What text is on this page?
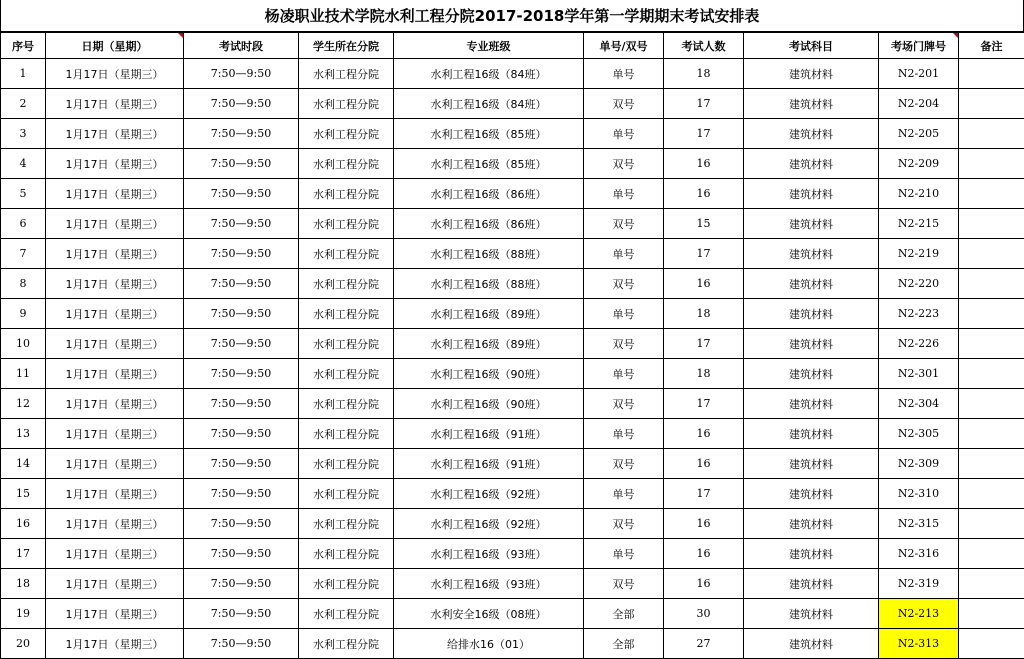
杨凌职业技术学院水利工程分院2017-2018学年第一学期期末考试安排表
序号	日期（星期）	考试时段	学生所在分院	专业班级	单号/双号	考试人数	考试科目	考场门牌号	备注
1	1月17日（星期三）	7:50—9:50	水利工程分院	水利工程16级（84班）	单号	18	建筑材料	N2-201	
2	1月17日（星期三）	7:50—9:50	水利工程分院	水利工程16级（84班）	双号	17	建筑材料	N2-204	
3	1月17日（星期三）	7:50—9:50	水利工程分院	水利工程16级（85班）	单号	17	建筑材料	N2-205	
4	1月17日（星期三）	7:50—9:50	水利工程分院	水利工程16级（85班）	双号	16	建筑材料	N2-209	
5	1月17日（星期三）	7:50—9:50	水利工程分院	水利工程16级（86班）	单号	16	建筑材料	N2-210	
6	1月17日（星期三）	7:50—9:50	水利工程分院	水利工程16级（86班）	双号	15	建筑材料	N2-215	
7	1月17日（星期三）	7:50—9:50	水利工程分院	水利工程16级（88班）	单号	17	建筑材料	N2-219	
8	1月17日（星期三）	7:50—9:50	水利工程分院	水利工程16级（88班）	双号	16	建筑材料	N2-220	
9	1月17日（星期三）	7:50—9:50	水利工程分院	水利工程16级（89班）	单号	18	建筑材料	N2-223	
10	1月17日（星期三）	7:50—9:50	水利工程分院	水利工程16级（89班）	双号	17	建筑材料	N2-226	
11	1月17日（星期三）	7:50—9:50	水利工程分院	水利工程16级（90班）	单号	18	建筑材料	N2-301	
12	1月17日（星期三）	7:50—9:50	水利工程分院	水利工程16级（90班）	双号	17	建筑材料	N2-304	
13	1月17日（星期三）	7:50—9:50	水利工程分院	水利工程16级（91班）	单号	16	建筑材料	N2-305	
14	1月17日（星期三）	7:50—9:50	水利工程分院	水利工程16级（91班）	双号	16	建筑材料	N2-309	
15	1月17日（星期三）	7:50—9:50	水利工程分院	水利工程16级（92班）	单号	17	建筑材料	N2-310	
16	1月17日（星期三）	7:50—9:50	水利工程分院	水利工程16级（92班）	双号	16	建筑材料	N2-315	
17	1月17日（星期三）	7:50—9:50	水利工程分院	水利工程16级（93班）	单号	16	建筑材料	N2-316	
18	1月17日（星期三）	7:50—9:50	水利工程分院	水利工程16级（93班）	双号	16	建筑材料	N2-319	
19	1月17日（星期三）	7:50—9:50	水利工程分院	水利安全16级（08班）	全部	30	建筑材料	N2-213	
20	1月17日（星期三）	7:50—9:50	水利工程分院	给排水16（01）	全部	27	建筑材料	N2-313	
